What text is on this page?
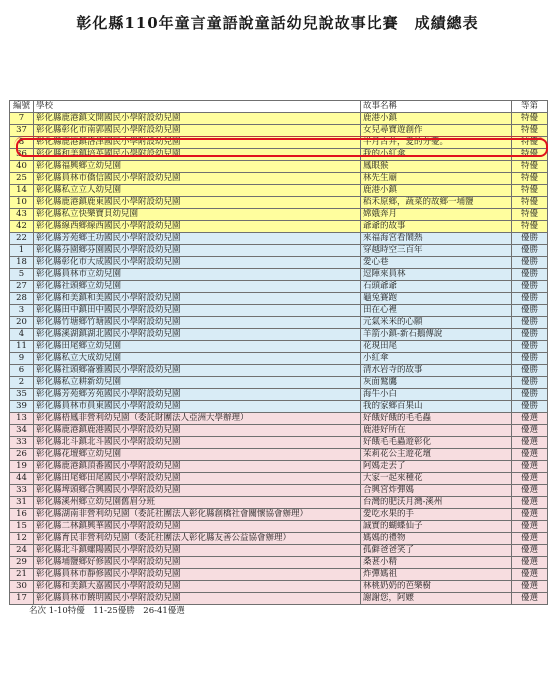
彰化縣110年童言童語說童話幼兒說故事比賽　成績總表
編號	學校	故事名稱	等第
7	彰化縣鹿港鎮文開國民小學附設幼兒園	鹿港小鎮	特優
37	彰化縣彰化市南郭國民小學附設幼兒園	女兒尋寶遊創作	特優
8	彰化縣鹿港鎮洛津國民小學附設幼兒園	半月古井，愛的分憂。	特優
36	彰化縣和美鎮培英國民小學附設幼兒園	我的小紅傘	特優
40	彰化縣福興鄉立幼兒園	鳳眼猴	特優
25	彰化縣員林市僑信國民小學附設幼兒園	林先生廟	特優
14	彰化縣私立立人幼兒園	鹿港小鎮	特優
10	彰化縣鹿港鎮鹿東國民小學附設幼兒園	稻禾原鄉，蔬菜的故鄉一埔鹽	特優
43	彰化縣私立快樂寶貝幼兒園	嫦娥奔月	特優
42	彰化縣線西鄉線西國民小學附設幼兒園	爺爺的故事	特優
22	彰化縣芳苑鄉王功國民小學附設幼兒園	來福海宮看鬧熱	優勝
1	彰化縣芬園鄉芬園國民小學附設幼兒園	穿越時空三百年	優勝
18	彰化縣彰化市大成國民小學附設幼兒園	愛心巷	優勝
5	彰化縣員林市立幼兒園	逗陣來員林	優勝
27	彰化縣社頭鄉立幼兒園	石頭爺爺	優勝
28	彰化縣和美鎮和美國民小學附設幼兒園	龜兔賽跑	優勝
3	彰化縣田中鎮田中國民小學附設幼兒園	田在心裡	優勝
20	彰化縣竹塘鄉竹塘國民小學附設幼兒園	元氣米米的心願	優勝
4	彰化縣溪湖鎮湖北國民小學附設幼兒園	羊箭小鎮-新石鵝傳說	優勝
11	彰化縣田尾鄉立幼兒園	花現田尾	優勝
9	彰化縣私立大成幼兒園	小紅傘	優勝
6	彰化縣社頭鄉崙雅國民小學附設幼兒園	清水岩寺的故事	優勝
2	彰化縣私立耕新幼兒園	灰面鷲鷹	優勝
35	彰化縣芳苑鄉芳苑國民小學附設幼兒園	海牛小白	優勝
39	彰化縣員林市員東國民小學附設幼兒園	我的家鄉百果山	優勝
13	彰化縣梧鳳非營利幼兒園（委託財團法人亞洲大學辦理）	好餓好餓的毛毛蟲	優選
34	彰化縣鹿港鎮鹿港國民小學附設幼兒園	鹿港好所在	優選
33	彰化縣北斗鎮北斗國民小學附設幼兒園	好餓毛毛蟲遊彰化	優選
26	彰化縣花壇鄉立幼兒園	茉莉花公主遊花壇	優選
19	彰化縣鹿港鎮頂番國民小學附設幼兒園	阿媽走丟了	優選
44	彰化縣田尾鄉田尾國民小學附設幼兒園	大家一起來種花	優選
33	彰化縣埤頭鄉合興國民小學附設幼兒園	合興宮炸彈媽	優選
31	彰化縣溪州鄉立幼兒園舊眉分班	台灣的肥沃月灣-溪州	優選
16	彰化縣湖南非營利幼兒園（委託社團法人彰化縣創橋社會關懷協會辦理）	愛吃水果的手	優選
15	彰化縣二林鎮興華國民小學附設幼兒園	誠實的蝴蝶仙子	優選
12	彰化縣育民非營利幼兒園（委託社團法人彰化縣友善公益協會辦理）	媽媽的禮物	優選
24	彰化縣北斗鎮螺陽國民小學附設幼兒園	孤僻爸爸笑了	優選
29	彰化縣埔鹽鄉好修國民小學附設幼兒園	桑葚小精	優選
21	彰化縣員林市靜修國民小學附設幼兒園	炸彈媽祖	優選
30	彰化縣和美鎮大嘉國民小學附設幼兒園	林桃奶奶的芭樂樹	優選
17	彰化縣員林市饒明國民小學附設幼兒園	謝謝您，阿嬤	優選
名次 1-10特優　11-25優勝　26-41優選
